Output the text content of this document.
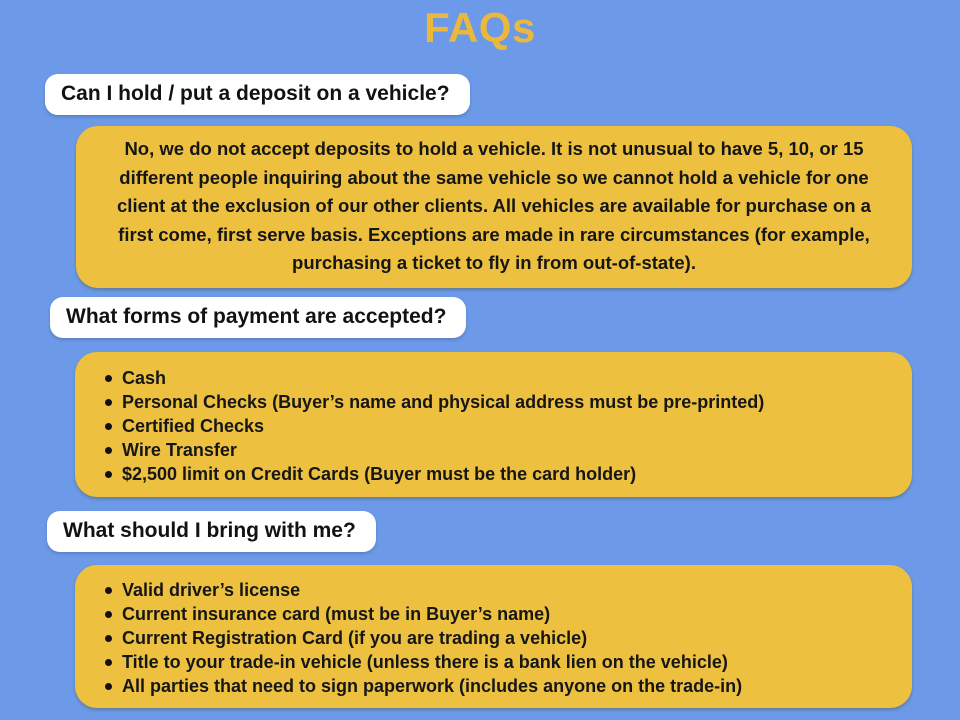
FAQs
Can I hold / put a deposit on a vehicle?
No, we do not accept deposits to hold a vehicle. It is not unusual to have 5, 10, or 15 different people inquiring about the same vehicle so we cannot hold a vehicle for one client at the exclusion of our other clients. All vehicles are available for purchase on a first come, first serve basis. Exceptions are made in rare circumstances (for example, purchasing a ticket to fly in from out-of-state).
What forms of payment are accepted?
Cash
Personal Checks (Buyer’s name and physical address must be pre-printed)
Certified Checks
Wire Transfer
$2,500 limit on Credit Cards (Buyer must be the card holder)
What should I bring with me?
Valid driver’s license
Current insurance card (must be in Buyer’s name)
Current Registration Card (if you are trading a vehicle)
Title to your trade-in vehicle (unless there is a bank lien on the vehicle)
All parties that need to sign paperwork (includes anyone on the trade-in)
